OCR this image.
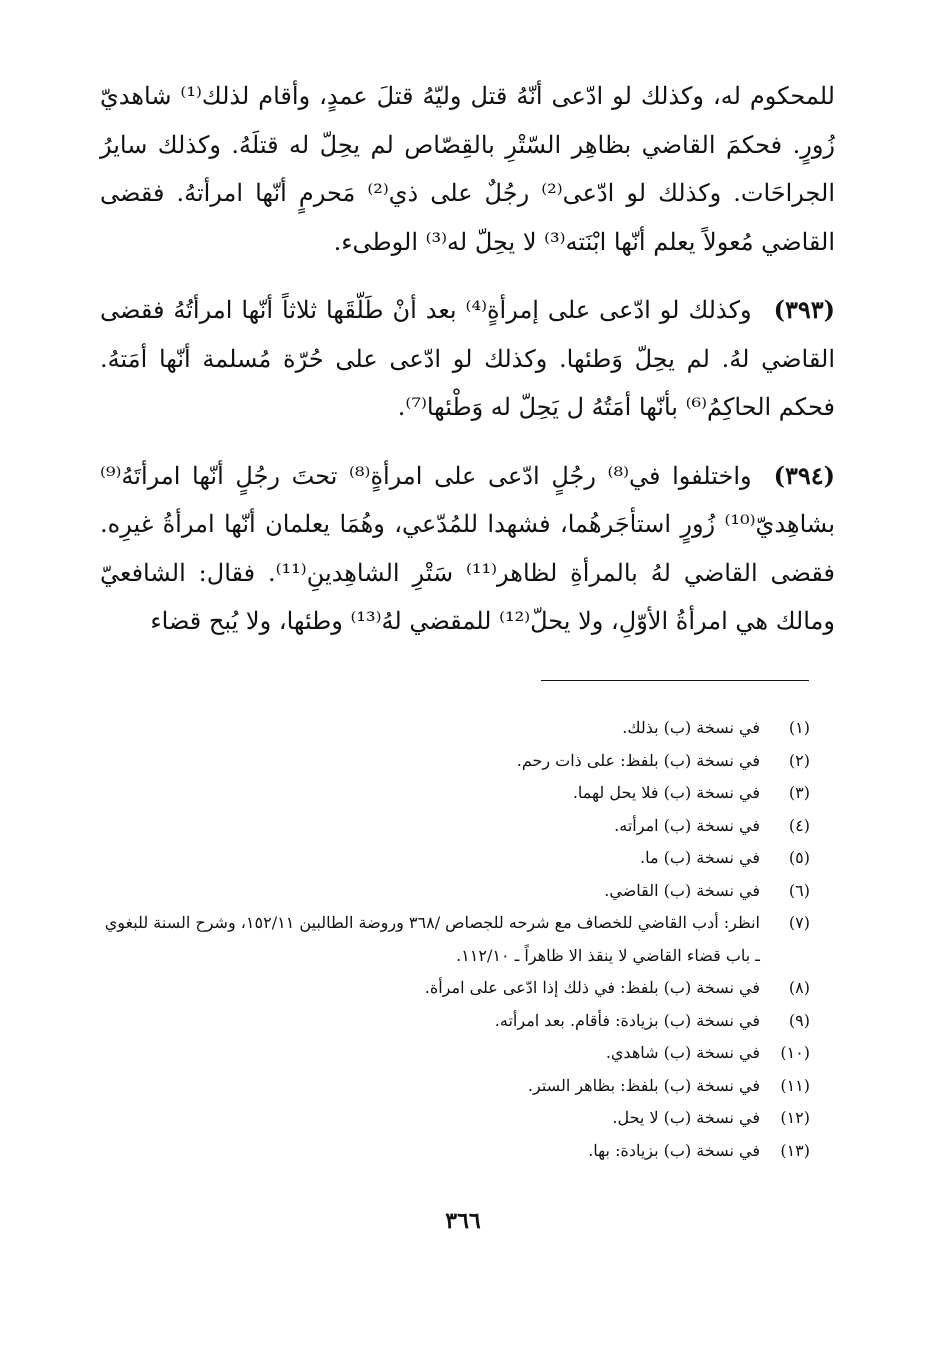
للمحكوم له، وكذلك لو ادّعى أنّهُ قتل وليّهُ قتلَ عمدٍ، وأقام لذلك⁽¹⁾ شاهديّ زُورٍ. فحكمَ القاضي بظاهِر السّتْرِ بالقِصّاص لم يحِلّ له قتلَهُ. وكذلك سايرُ الجراحَات. وكذلك لو ادّعى⁽²⁾ رجُلٌ على ذي⁽²⁾ مَحرمٍ أنّها امرأتهُ. فقضى القاضي مُعولاً يعلم أنّها ابْنَته⁽³⁾ لا يحِلّ له⁽³⁾ الوطىء.

(٣٩٣)وكذلك لو ادّعى على إمرأةٍ⁽⁴⁾ بعد أنْ طَلّقَها ثلاثاً أنّها امرأتُهُ فقضى القاضي لهُ. لم يحِلّ وَطئها. وكذلك لو ادّعى على حُرّة مُسلمة أنّها أمَتهُ. فحكم الحاكِمُ⁽⁶⁾ بأنّها أمَتُهُ ل يَحِلّ له وَطْئها⁽⁷⁾.

(٣٩٤)واختلفوا في⁽⁸⁾ رجُلٍ ادّعى على امرأةٍ⁽⁸⁾ تحتَ رجُلٍ أنّها امرأتَهُ⁽⁹⁾ بشاهِديّ⁽¹⁰⁾ زُورٍ استأجَرهُما، فشهدا للمُدّعي، وهُمَا يعلمان أنّها امرأةُ غيرِه. فقضى القاضي لهُ بالمرأةِ لظاهر⁽¹¹⁾ سَتْرِ الشاهِدينِ⁽¹¹⁾. فقال: الشافعيّ ومالك هي امرأةُ الأوّلِ، ولا يحلّ⁽¹²⁾ للمقضي لهُ⁽¹³⁾ وطئها، ولا يُبح قضاء

(١)
في نسخة (ب) بذلك.
(٢)
في نسخة (ب) بلفظ: على ذات رحم.
(٣)
في نسخة (ب) فلا يحل لهما.
(٤)
في نسخة (ب) امرأته.
(٥)
في نسخة (ب) ما.
(٦)
في نسخة (ب) القاضي.
(٧)
انظر: أدب القاضي للخصاف مع شرحه للجصاص /٣٦٨ وروضة الطالبين ١٥٢/١١، وشرح السنة للبغوي ـ باب قضاء القاضي لا ينقذ الا ظاهراً ـ ١١٢/١٠.
(٨)
في نسخة (ب) بلفظ: في ذلك إذا ادّعى على امرأة.
(٩)
في نسخة (ب) بزيادة: فأقام. بعد امرأته.
(١٠)
في نسخة (ب) شاهدي.
(١١)
في نسخة (ب) بلفظ: بظاهر الستر.
(١٢)
في نسخة (ب) لا يحل.
(١٣)
في نسخة (ب) بزيادة: بها.
٣٦٦
